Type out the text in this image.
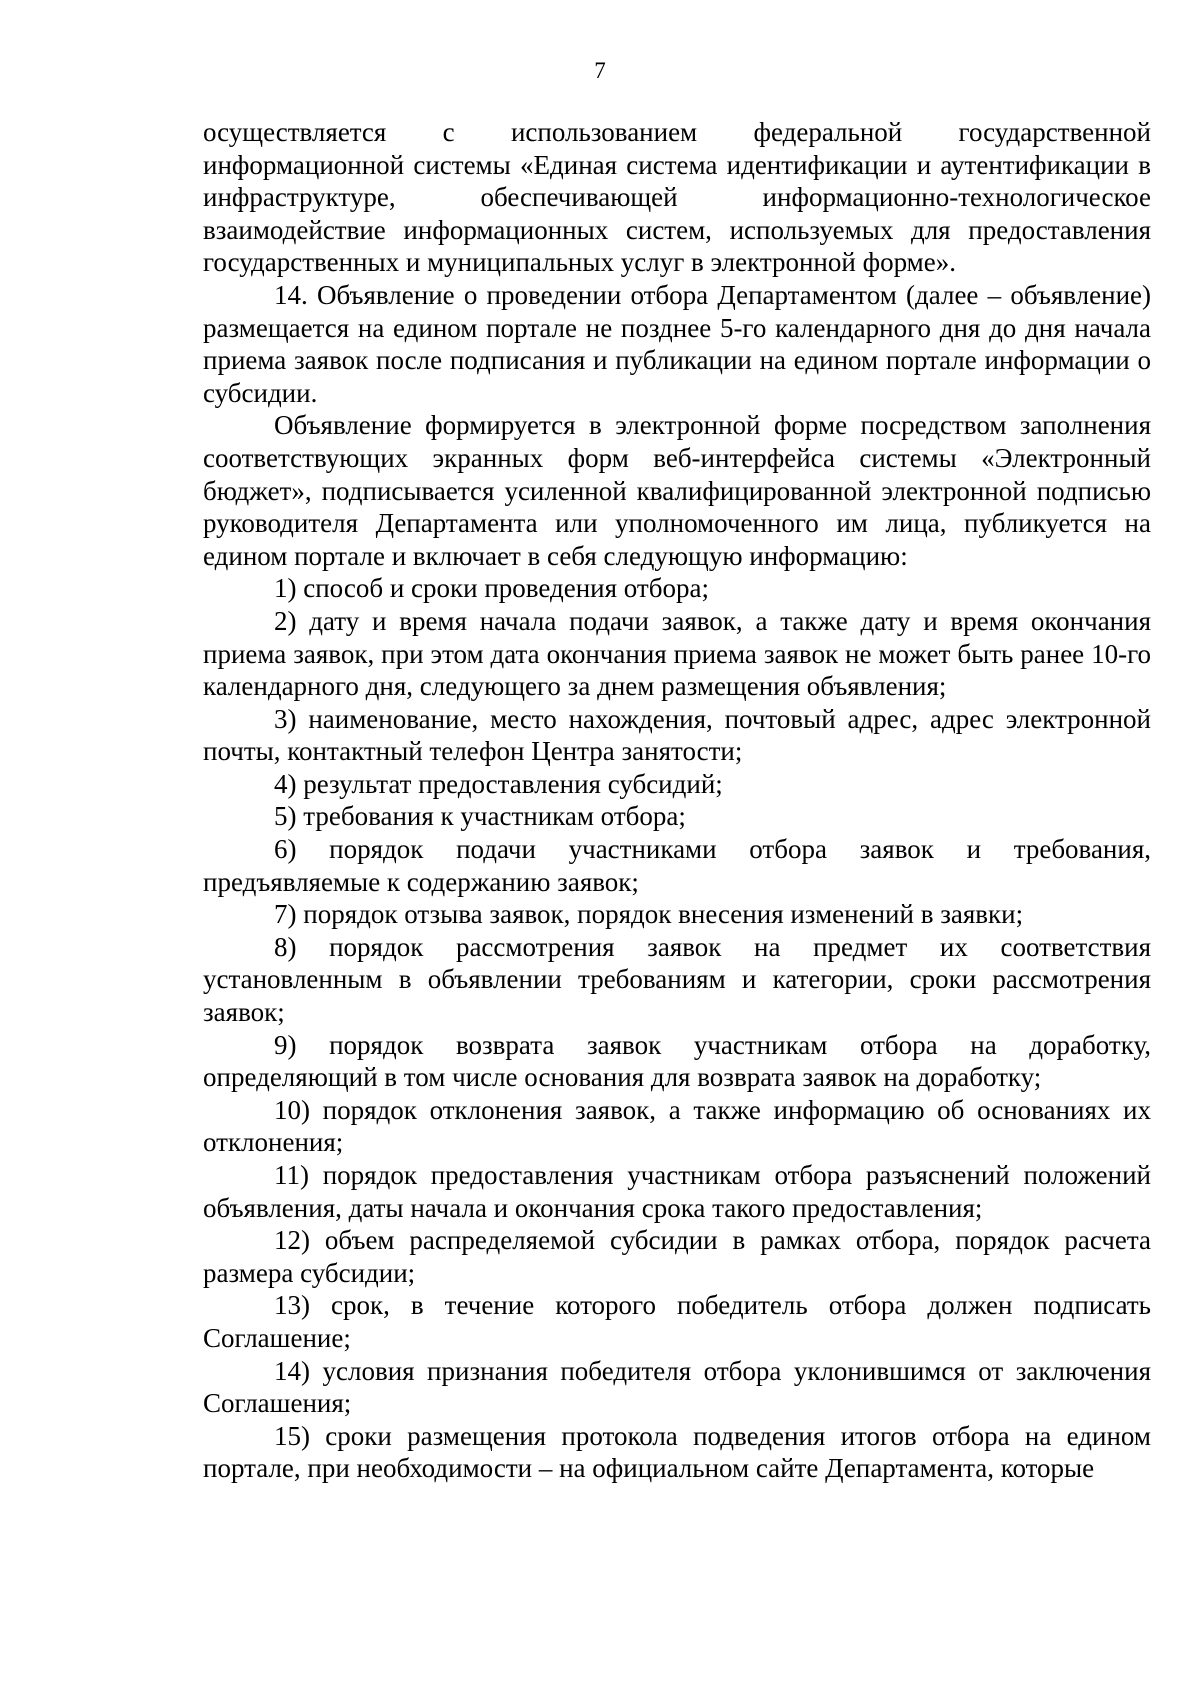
7

осуществляется с использованием федеральной государственной информационной системы «Единая система идентификации и аутентификации в инфраструктуре, обеспечивающей информационно-технологическое взаимодействие информационных систем, используемых для предоставления государственных и муниципальных услуг в электронной форме».

14. Объявление о проведении отбора Департаментом (далее – объявление) размещается на едином портале не позднее 5-го календарного дня до дня начала приема заявок после подписания и публикации на едином портале информации о субсидии.

Объявление формируется в электронной форме посредством заполнения соответствующих экранных форм веб-интерфейса системы «Электронный бюджет», подписывается усиленной квалифицированной электронной подписью руководителя Департамента или уполномоченного им лица, публикуется на едином портале и включает в себя следующую информацию:

1) способ и сроки проведения отбора;

2) дату и время начала подачи заявок, а также дату и время окончания приема заявок, при этом дата окончания приема заявок не может быть ранее 10-го календарного дня, следующего за днем размещения объявления;

3) наименование, место нахождения, почтовый адрес, адрес электронной почты, контактный телефон Центра занятости;

4) результат предоставления субсидий;

5) требования к участникам отбора;

6) порядок подачи участниками отбора заявок и требования, предъявляемые к содержанию заявок;

7) порядок отзыва заявок, порядок внесения изменений в заявки;

8) порядок рассмотрения заявок на предмет их соответствия установленным в объявлении требованиям и категории, сроки рассмотрения заявок;

9) порядок возврата заявок участникам отбора на доработку, определяющий в том числе основания для возврата заявок на доработку;

10) порядок отклонения заявок, а также информацию об основаниях их отклонения;

11) порядок предоставления участникам отбора разъяснений положений объявления, даты начала и окончания срока такого предоставления;

12) объем распределяемой субсидии в рамках отбора, порядок расчета размера субсидии;

13) срок, в течение которого победитель отбора должен подписать Соглашение;

14) условия признания победителя отбора уклонившимся от заключения Соглашения;

15) сроки размещения протокола подведения итогов отбора на едином портале, при необходимости – на официальном сайте Департамента, которые
